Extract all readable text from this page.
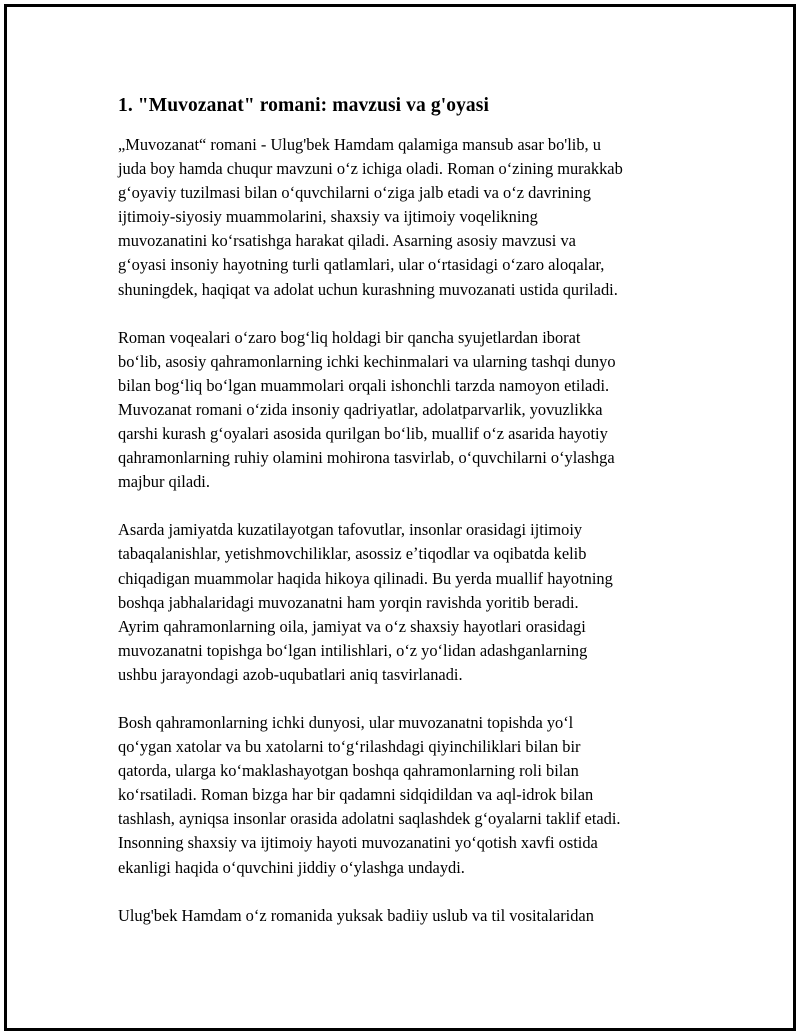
1. "Muvozanat" romani: mavzusi va g'oyasi
„Muvozanat“ romani - Ulug'bek Hamdam qalamiga mansub asar bo'lib, u
juda boy hamda chuqur mavzuni oʻz ichiga oladi. Roman oʻzining murakkab
gʻoyaviy tuzilmasi bilan oʻquvchilarni oʻziga jalb etadi va oʻz davrining
ijtimoiy-siyosiy muammolarini, shaxsiy va ijtimoiy voqelikning
muvozanatini koʻrsatishga harakat qiladi. Asarning asosiy mavzusi va
gʻoyasi insoniy hayotning turli qatlamlari, ular oʻrtasidagi oʻzaro aloqalar,
shuningdek, haqiqat va adolat uchun kurashning muvozanati ustida quriladi.
Roman voqealari oʻzaro bogʻliq holdagi bir qancha syujetlardan iborat
boʻlib, asosiy qahramonlarning ichki kechinmalari va ularning tashqi dunyo
bilan bogʻliq boʻlgan muammolari orqali ishonchli tarzda namoyon etiladi.
Muvozanat romani oʻzida insoniy qadriyatlar, adolatparvarlik, yovuzlikka
qarshi kurash gʻoyalari asosida qurilgan boʻlib, muallif oʻz asarida hayotiy
qahramonlarning ruhiy olamini mohirona tasvirlab, oʻquvchilarni oʻylashga
majbur qiladi.
Asarda jamiyatda kuzatilayotgan tafovutlar, insonlar orasidagi ijtimoiy
tabaqalanishlar, yetishmovchiliklar, asossiz eʼtiqodlar va oqibatda kelib
chiqadigan muammolar haqida hikoya qilinadi. Bu yerda muallif hayotning
boshqa jabhalaridagi muvozanatni ham yorqin ravishda yoritib beradi.
Ayrim qahramonlarning oila, jamiyat va oʻz shaxsiy hayotlari orasidagi
muvozanatni topishga boʻlgan intilishlari, oʻz yoʻlidan adashganlarning
ushbu jarayondagi azob-uqubatlari aniq tasvirlanadi.
Bosh qahramonlarning ichki dunyosi, ular muvozanatni topishda yoʻl
qoʻygan xatolar va bu xatolarni toʻgʻrilashdagi qiyinchiliklari bilan bir
qatorda, ularga koʻmaklashayotgan boshqa qahramonlarning roli bilan
koʻrsatiladi. Roman bizga har bir qadamni sidqidildan va aql-idrok bilan
tashlash, ayniqsa insonlar orasida adolatni saqlashdek gʻoyalarni taklif etadi.
Insonning shaxsiy va ijtimoiy hayoti muvozanatini yoʻqotish xavfi ostida
ekanligi haqida oʻquvchini jiddiy oʻylashga undaydi.
Ulug'bek Hamdam oʻz romanida yuksak badiiy uslub va til vositalaridan
